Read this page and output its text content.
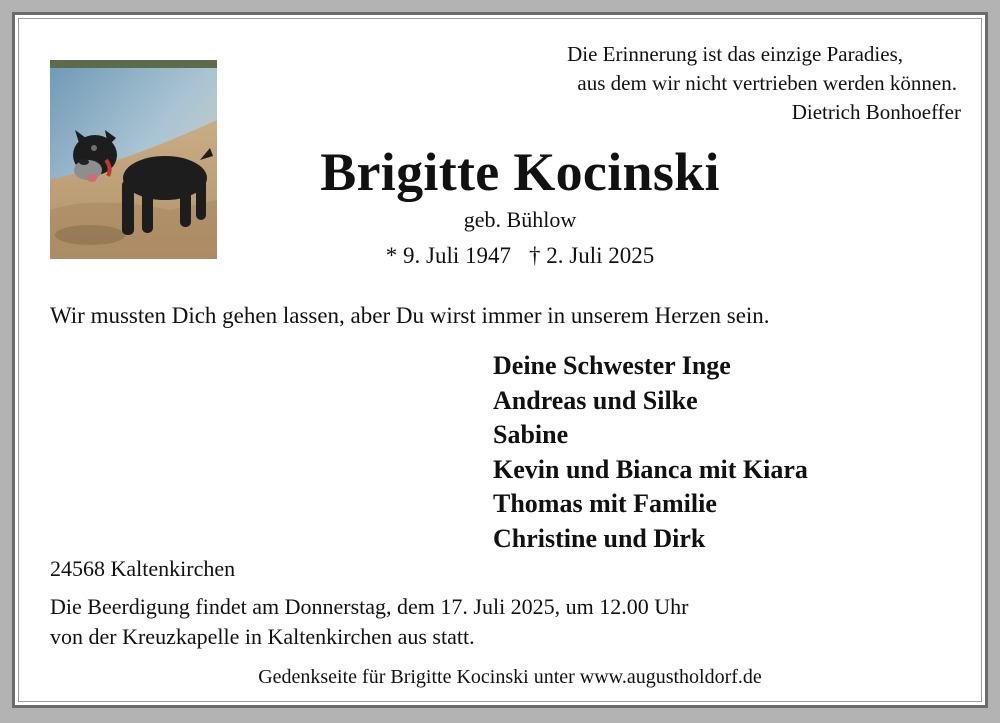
Die Erinnerung ist das einzige Paradies,
aus dem wir nicht vertrieben werden können.
Dietrich Bonhoeffer
Brigitte Kocinski
geb. Bühlow
* 9. Juli 1947 † 2. Juli 2025
Wir mussten Dich gehen lassen, aber Du wirst immer in unserem Herzen sein.
Deine Schwester Inge
Andreas und Silke
Sabine
Kevin und Bianca mit Kiara
Thomas mit Familie
Christine und Dirk
24568 Kaltenkirchen
Die Beerdigung findet am Donnerstag, dem 17. Juli 2025, um 12.00 Uhr
von der Kreuzkapelle in Kaltenkirchen aus statt.
Gedenkseite für Brigitte Kocinski unter www.augustholdorf.de
